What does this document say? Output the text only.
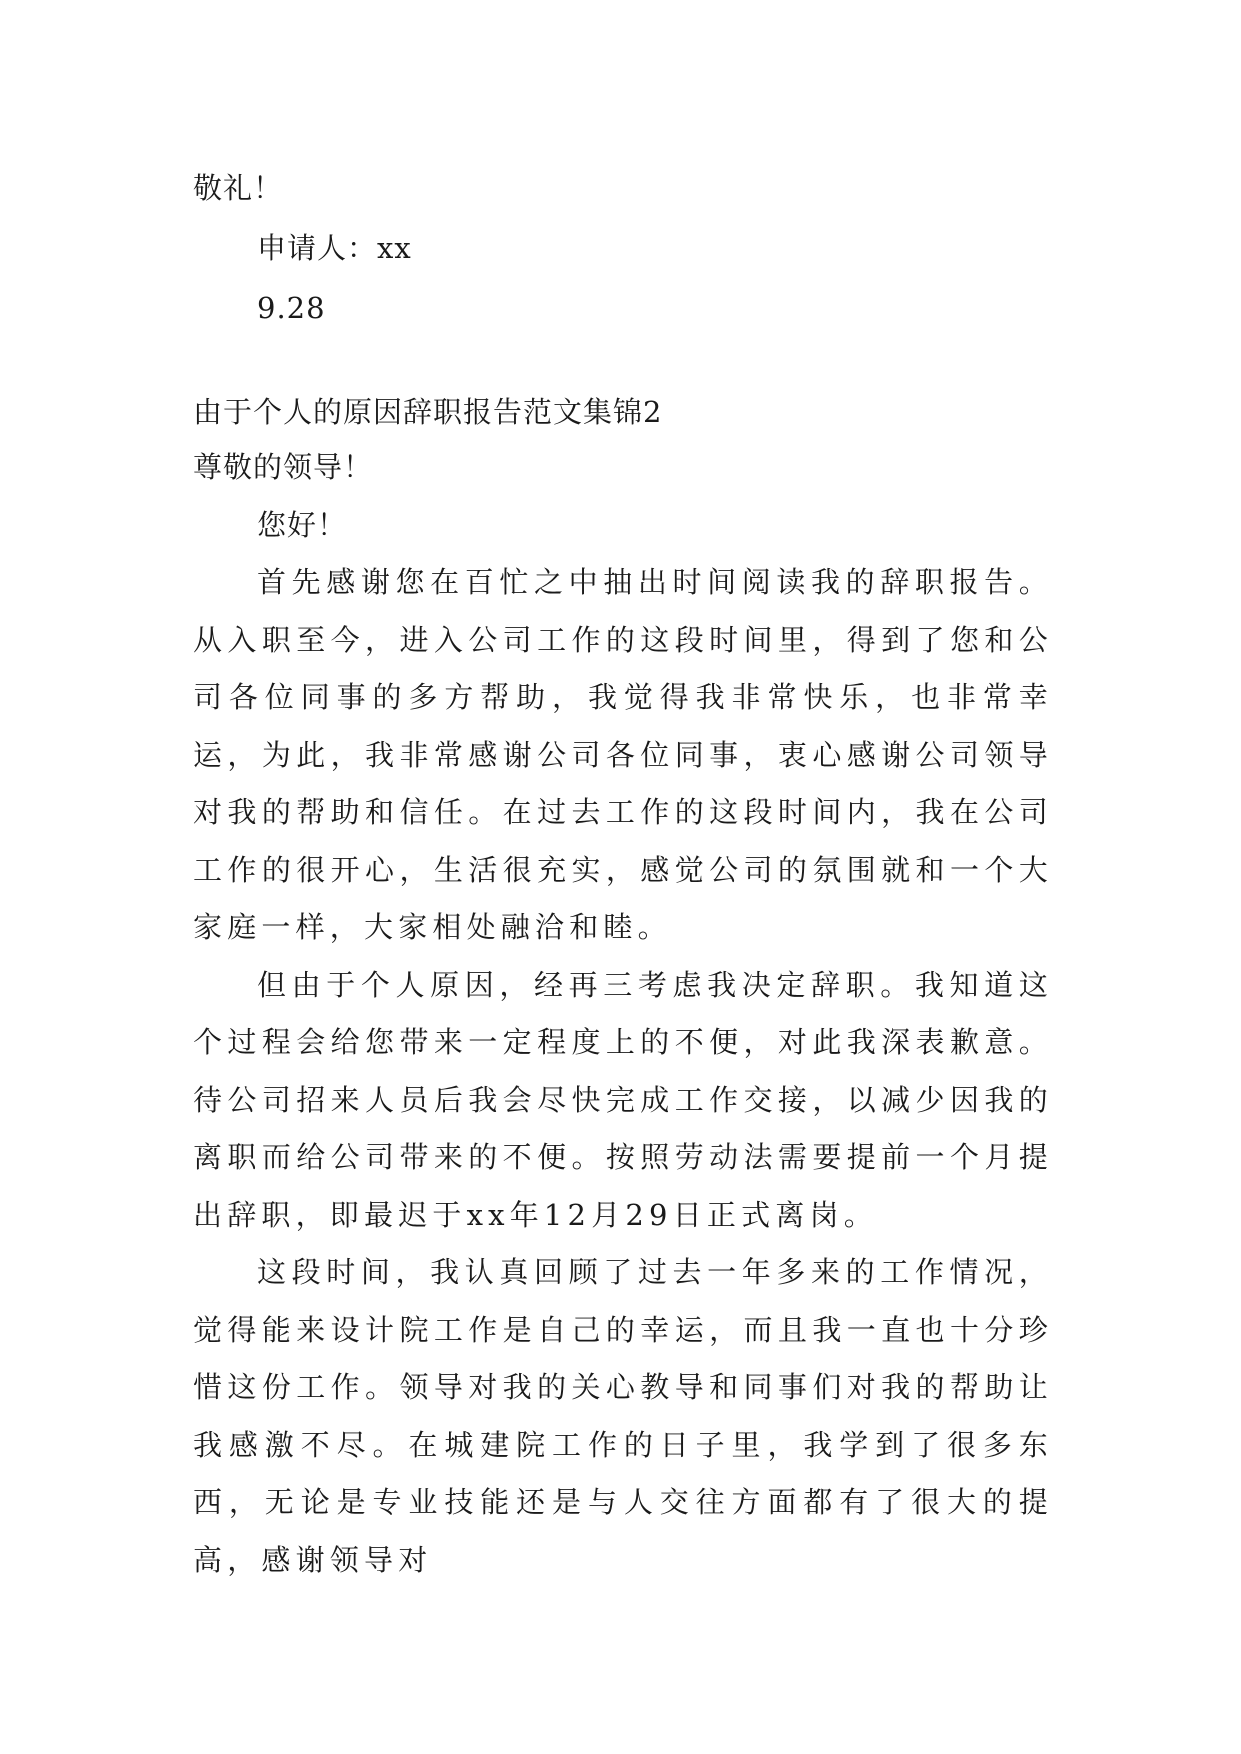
敬礼！
申请人：xx
9.28
由于个人的原因辞职报告范文集锦2
尊敬的领导！
您好！

首先感谢您在百忙之中抽出时间阅读我的辞职报告。从入职至今，进入公司工作的这段时间里，得到了您和公司各位同事的多方帮助，我觉得我非常快乐，也非常幸运，为此，我非常感谢公司各位同事，衷心感谢公司领导对我的帮助和信任。在过去工作的这段时间内，我在公司工作的很开心，生活很充实，感觉公司的氛围就和一个大家庭一样，大家相处融洽和睦。

但由于个人原因，经再三考虑我决定辞职。我知道这个过程会给您带来一定程度上的不便，对此我深表歉意。待公司招来人员后我会尽快完成工作交接，以减少因我的离职而给公司带来的不便。按照劳动法需要提前一个月提出辞职，即最迟于xx年12月29日正式离岗。

这段时间，我认真回顾了过去一年多来的工作情况，觉得能来设计院工作是自己的幸运，而且我一直也十分珍惜这份工作。领导对我的关心教导和同事们对我的帮助让我感激不尽。在城建院工作的日子里，我学到了很多东西，无论是专业技能还是与人交往方面都有了很大的提高，感谢领导对
